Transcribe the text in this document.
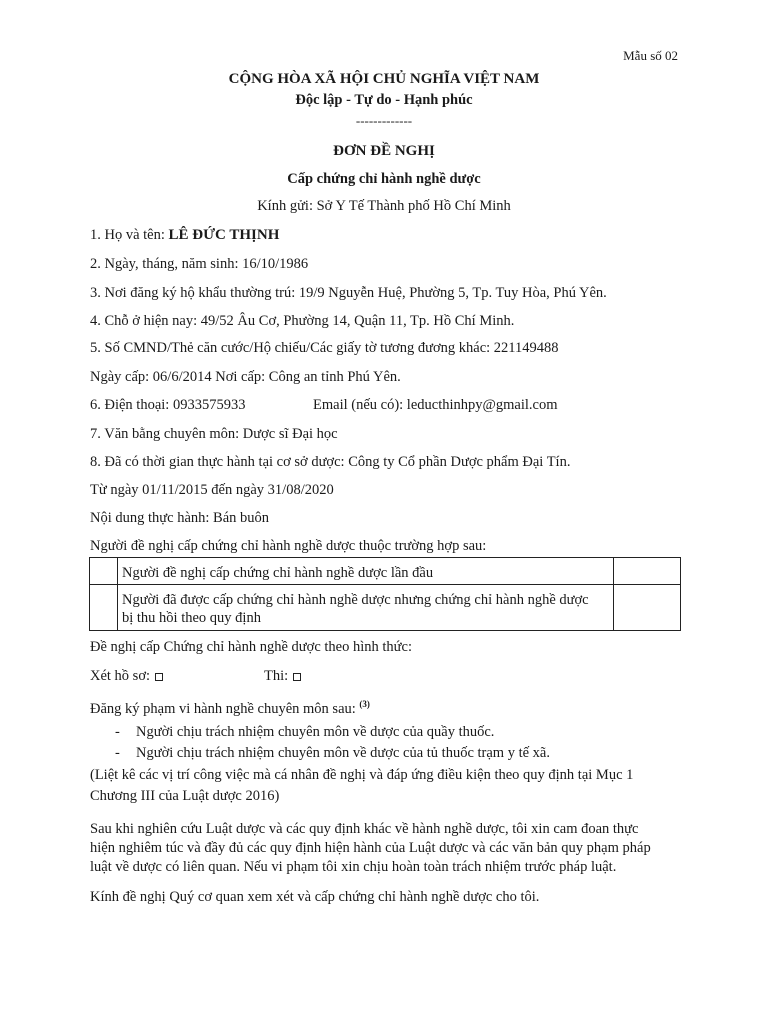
Mẫu số 02
CỘNG HÒA XÃ HỘI CHỦ NGHĨA VIỆT NAM
Độc lập - Tự do - Hạnh phúc
-------------
ĐƠN ĐỀ NGHỊ
Cấp chứng chỉ hành nghề dược
Kính gửi: Sở Y Tế Thành phố Hồ Chí Minh
1. Họ và tên: LÊ ĐỨC THỊNH
2. Ngày, tháng, năm sinh: 16/10/1986
3. Nơi đăng ký hộ khẩu thường trú: 19/9 Nguyễn Huệ, Phường 5, Tp. Tuy Hòa, Phú Yên.
4. Chỗ ở hiện nay: 49/52 Âu Cơ, Phường 14, Quận 11, Tp. Hồ Chí Minh.
5. Số CMND/Thẻ căn cước/Hộ chiếu/Các giấy tờ tương đương khác: 221149488
Ngày cấp: 06/6/2014 Nơi cấp: Công an tỉnh Phú Yên.
6. Điện thoại: 0933575933	Email (nếu có): leducthinhpy@gmail.com
7. Văn bằng chuyên môn: Dược sĩ Đại học
8. Đã có thời gian thực hành tại cơ sở dược: Công ty Cổ phần Dược phẩm Đại Tín.
Từ ngày 01/11/2015 đến ngày 31/08/2020
Nội dung thực hành: Bán buôn
Người đề nghị cấp chứng chỉ hành nghề dược thuộc trường hợp sau:
	Người đề nghị cấp chứng chỉ hành nghề dược lần đầu	

	Người đã được cấp chứng chỉ hành nghề dược nhưng chứng chỉ hành nghề dược
bị thu hồi theo quy định	

Đề nghị cấp Chứng chỉ hành nghề dược theo hình thức:
Xét hồ sơ:	Thi:
Đăng ký phạm vi hành nghề chuyên môn sau: $^{(3)}$
- Người chịu trách nhiệm chuyên môn về dược của quầy thuốc.
- Người chịu trách nhiệm chuyên môn về dược của tủ thuốc trạm y tế xã.
(Liệt kê các vị trí công việc mà cá nhân đề nghị và đáp ứng điều kiện theo quy định tại Mục 1
Chương III của Luật dược 2016)
Sau khi nghiên cứu Luật dược và các quy định khác về hành nghề dược, tôi xin cam đoan thực
hiện nghiêm túc và đầy đủ các quy định hiện hành của Luật dược và các văn bản quy phạm pháp
luật về dược có liên quan. Nếu vi phạm tôi xin chịu hoàn toàn trách nhiệm trước pháp luật.
Kính đề nghị Quý cơ quan xem xét và cấp chứng chỉ hành nghề dược cho tôi.
